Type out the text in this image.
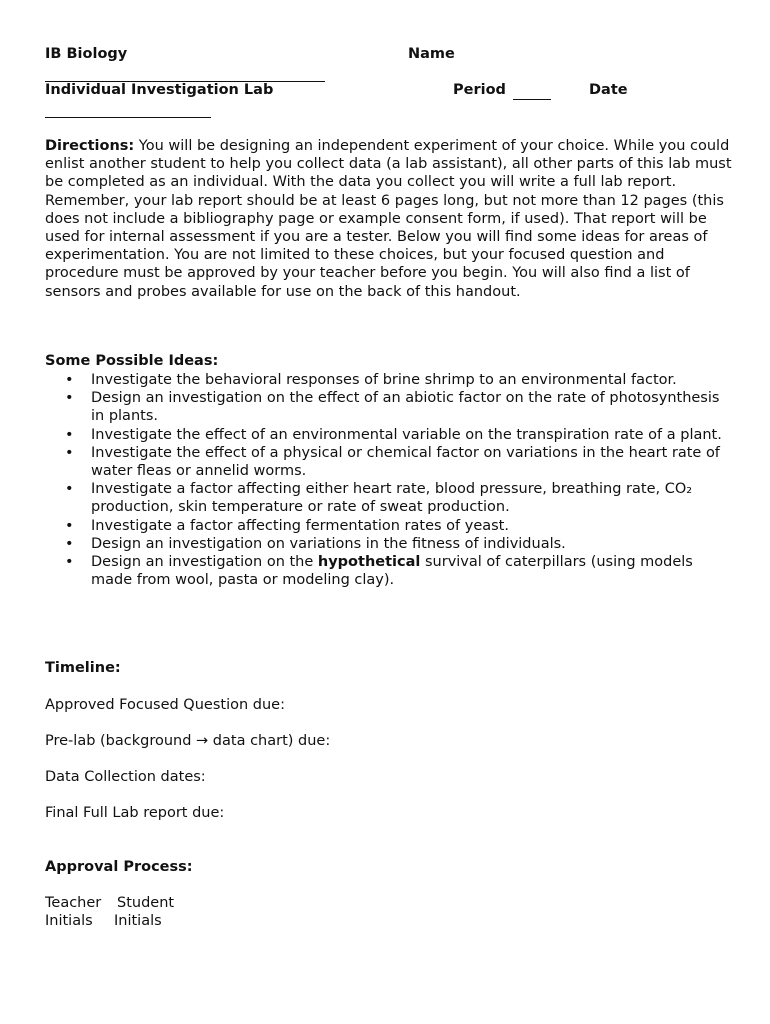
IB Biology	Name
Individual Investigation Lab	Period	Date
Directions: You will be designing an independent experiment of your choice. While you could enlist another student to help you collect data (a lab assistant), all other parts of this lab must be completed as an individual. With the data you collect you will write a full lab report. Remember, your lab report should be at least 6 pages long, but not more than 12 pages (this does not include a bibliography page or example consent form, if used). That report will be used for internal assessment if you are a tester. Below you will find some ideas for areas of experimentation. You are not limited to these choices, but your focused question and procedure must be approved by your teacher before you begin. You will also find a list of sensors and probes available for use on the back of this handout.
Some Possible Ideas:
• Investigate the behavioral responses of brine shrimp to an environmental factor.
• Design an investigation on the effect of an abiotic factor on the rate of photosynthesis in plants.
• Investigate the effect of an environmental variable on the transpiration rate of a plant.
• Investigate the effect of a physical or chemical factor on variations in the heart rate of water fleas or annelid worms.
• Investigate a factor affecting either heart rate, blood pressure, breathing rate, CO₂ production, skin temperature or rate of sweat production.
• Investigate a factor affecting fermentation rates of yeast.
• Design an investigation on variations in the fitness of individuals.
• Design an investigation on the hypothetical survival of caterpillars (using models made from wool, pasta or modeling clay).
Timeline:
Approved Focused Question due:
Pre-lab (background → data chart) due:
Data Collection dates:
Final Full Lab report due:
Approval Process:
Teacher Student
Initials Initials
